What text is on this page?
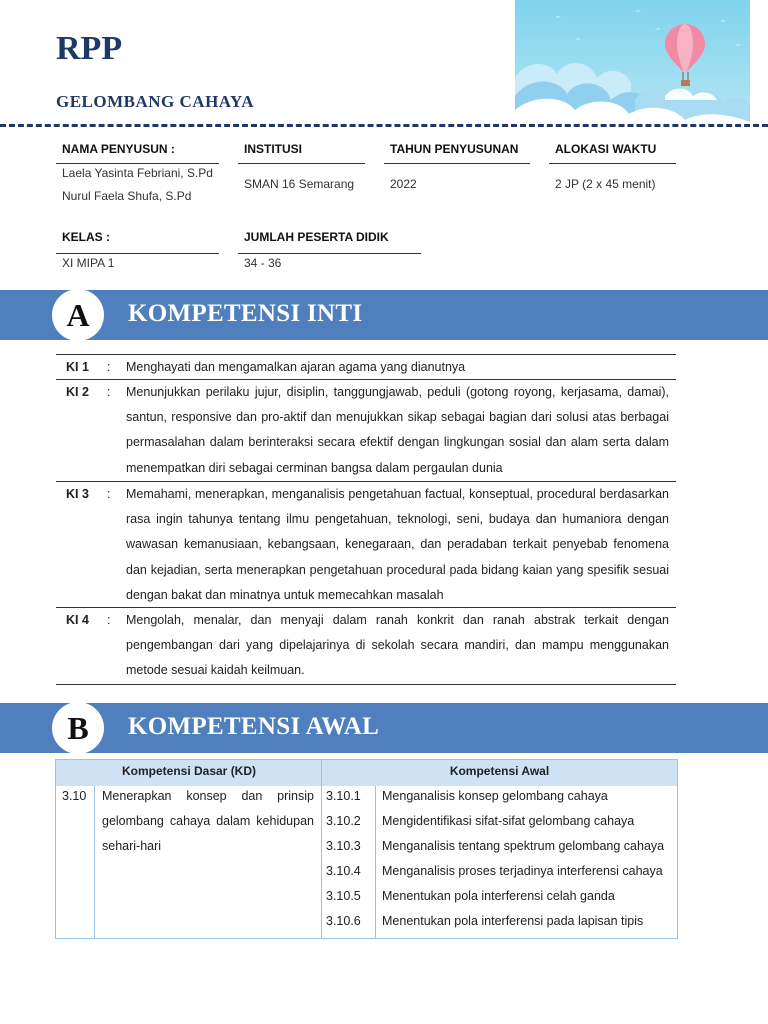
RPP
GELOMBANG CAHAYA
NAMA PENYUSUN :
Laela Yasinta Febriani, S.Pd
Nurul Faela Shufa, S.Pd
INSTITUSI
SMAN 16 Semarang
TAHUN PENYUSUNAN
2022
ALOKASI WAKTU
2 JP (2 x 45 menit)
KELAS :
XI MIPA 1
JUMLAH PESERTA DIDIK
34 - 36
A	KOMPETENSI INTI
KI 1 : Menghayati dan mengamalkan ajaran agama yang dianutnya
KI 2 : Menunjukkan perilaku jujur, disiplin, tanggungjawab, peduli (gotong royong, kerjasama, damai), santun, responsive dan pro-aktif dan menujukkan sikap sebagai bagian dari solusi atas berbagai permasalahan dalam berinteraksi secara efektif dengan lingkungan sosial dan alam serta dalam menempatkan diri sebagai cerminan bangsa dalam pergaulan dunia
KI 3 : Memahami, menerapkan, menganalisis pengetahuan factual, konseptual, procedural berdasarkan rasa ingin tahunya tentang ilmu pengetahuan, teknologi, seni, budaya dan humaniora dengan wawasan kemanusiaan, kebangsaan, kenegaraan, dan peradaban terkait penyebab fenomena dan kejadian, serta menerapkan pengetahuan procedural pada bidang kaian yang spesifik sesuai dengan bakat dan minatnya untuk memecahkan masalah
KI 4 : Mengolah, menalar, dan menyaji dalam ranah konkrit dan ranah abstrak terkait dengan pengembangan dari yang dipelajarinya di sekolah secara mandiri, dan mampu menggunakan metode sesuai kaidah keilmuan.
B	KOMPETENSI AWAL
Kompetensi Dasar (KD)	Kompetensi Awal
3.10 Menerapkan konsep dan prinsip gelombang cahaya dalam kehidupan sehari-hari
3.10.1 Menganalisis konsep gelombang cahaya
3.10.2 Mengidentifikasi sifat-sifat gelombang cahaya
3.10.3 Menganalisis tentang spektrum gelombang cahaya
3.10.4 Menganalisis proses terjadinya interferensi cahaya
3.10.5 Menentukan pola interferensi celah ganda
3.10.6 Menentukan pola interferensi pada lapisan tipis
